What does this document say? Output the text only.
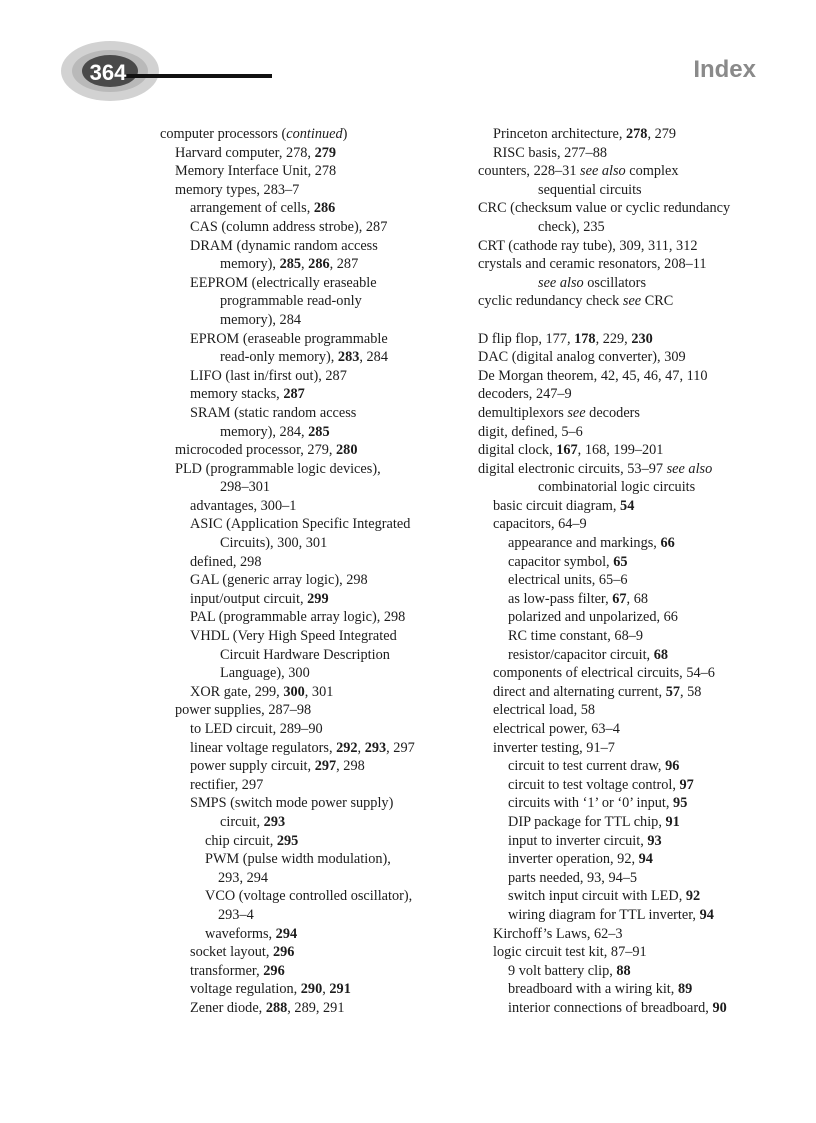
364	Index
computer processors (continued)
Harvard computer, 278, 279
Memory Interface Unit, 278
memory types, 283–7
arrangement of cells, 286
CAS (column address strobe), 287
DRAM (dynamic random access
memory), 285, 286, 287
EEPROM (electrically eraseable
programmable read-only
memory), 284
EPROM (eraseable programmable
read-only memory), 283, 284
LIFO (last in/first out), 287
memory stacks, 287
SRAM (static random access
memory), 284, 285
microcoded processor, 279, 280
PLD (programmable logic devices),
298–301
advantages, 300–1
ASIC (Application Specific Integrated
Circuits), 300, 301
defined, 298
GAL (generic array logic), 298
input/output circuit, 299
PAL (programmable array logic), 298
VHDL (Very High Speed Integrated
Circuit Hardware Description
Language), 300
XOR gate, 299, 300, 301
power supplies, 287–98
to LED circuit, 289–90
linear voltage regulators, 292, 293, 297
power supply circuit, 297, 298
rectifier, 297
SMPS (switch mode power supply)
circuit, 293
chip circuit, 295
PWM (pulse width modulation),
293, 294
VCO (voltage controlled oscillator),
293–4
waveforms, 294
socket layout, 296
transformer, 296
voltage regulation, 290, 291
Zener diode, 288, 289, 291
Princeton architecture, 278, 279
RISC basis, 277–88
counters, 228–31 see also complex
sequential circuits
CRC (checksum value or cyclic redundancy
check), 235
CRT (cathode ray tube), 309, 311, 312
crystals and ceramic resonators, 208–11
see also oscillators
cyclic redundancy check see CRC
D flip flop, 177, 178, 229, 230
DAC (digital analog converter), 309
De Morgan theorem, 42, 45, 46, 47, 110
decoders, 247–9
demultiplexors see decoders
digit, defined, 5–6
digital clock, 167, 168, 199–201
digital electronic circuits, 53–97 see also
combinatorial logic circuits
basic circuit diagram, 54
capacitors, 64–9
appearance and markings, 66
capacitor symbol, 65
electrical units, 65–6
as low-pass filter, 67, 68
polarized and unpolarized, 66
RC time constant, 68–9
resistor/capacitor circuit, 68
components of electrical circuits, 54–6
direct and alternating current, 57, 58
electrical load, 58
electrical power, 63–4
inverter testing, 91–7
circuit to test current draw, 96
circuit to test voltage control, 97
circuits with ‘1’ or ‘0’ input, 95
DIP package for TTL chip, 91
input to inverter circuit, 93
inverter operation, 92, 94
parts needed, 93, 94–5
switch input circuit with LED, 92
wiring diagram for TTL inverter, 94
Kirchoff’s Laws, 62–3
logic circuit test kit, 87–91
9 volt battery clip, 88
breadboard with a wiring kit, 89
interior connections of breadboard, 90
